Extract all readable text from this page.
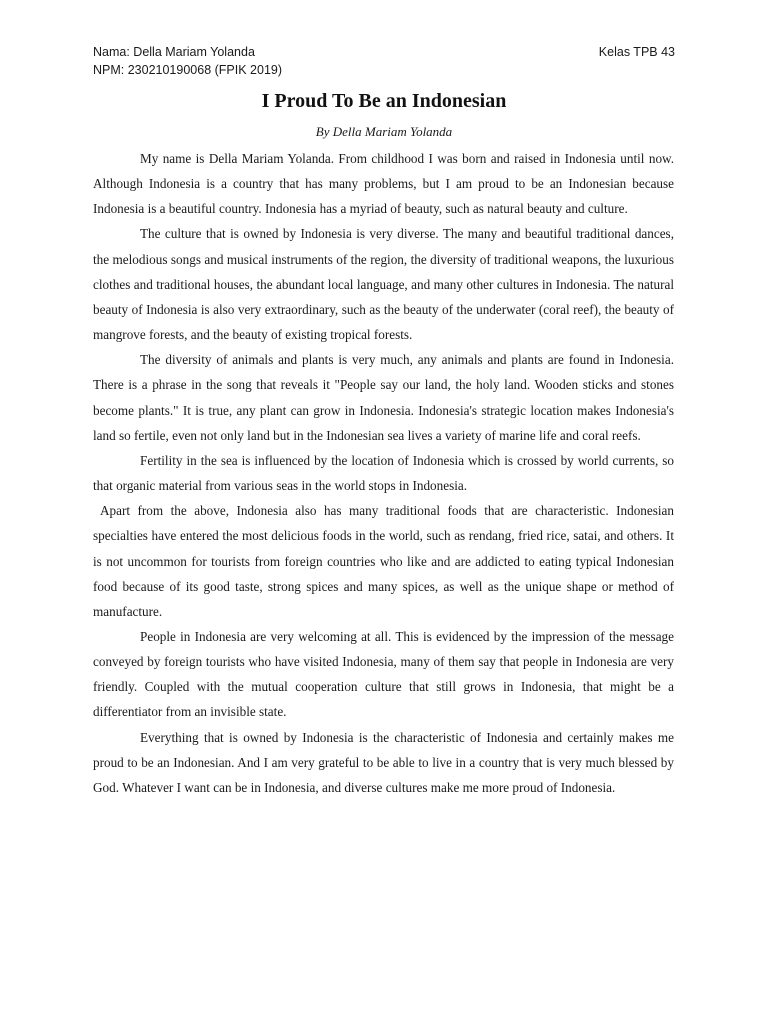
Nama: Della Mariam Yolanda	Kelas TPB 43
NPM: 230210190068 (FPIK 2019)
I Proud To Be an Indonesian
By Della Mariam Yolanda

My name is Della Mariam Yolanda. From childhood I was born and raised in Indonesia until now. Although Indonesia is a country that has many problems, but I am proud to be an Indonesian because Indonesia is a beautiful country. Indonesia has a myriad of beauty, such as natural beauty and culture.

The culture that is owned by Indonesia is very diverse. The many and beautiful traditional dances, the melodious songs and musical instruments of the region, the diversity of traditional weapons, the luxurious clothes and traditional houses, the abundant local language, and many other cultures in Indonesia. The natural beauty of Indonesia is also very extraordinary, such as the beauty of the underwater (coral reef), the beauty of mangrove forests, and the beauty of existing tropical forests.

The diversity of animals and plants is very much, any animals and plants are found in Indonesia. There is a phrase in the song that reveals it "People say our land, the holy land. Wooden sticks and stones become plants." It is true, any plant can grow in Indonesia. Indonesia's strategic location makes Indonesia's land so fertile, even not only land but in the Indonesian sea lives a variety of marine life and coral reefs.

Fertility in the sea is influenced by the location of Indonesia which is crossed by world currents, so that organic material from various seas in the world stops in Indonesia.

Apart from the above, Indonesia also has many traditional foods that are characteristic. Indonesian specialties have entered the most delicious foods in the world, such as rendang, fried rice, satai, and others. It is not uncommon for tourists from foreign countries who like and are addicted to eating typical Indonesian food because of its good taste, strong spices and many spices, as well as the unique shape or method of manufacture.

People in Indonesia are very welcoming at all. This is evidenced by the impression of the message conveyed by foreign tourists who have visited Indonesia, many of them say that people in Indonesia are very friendly. Coupled with the mutual cooperation culture that still grows in Indonesia, that might be a differentiator from an invisible state.

Everything that is owned by Indonesia is the characteristic of Indonesia and certainly makes me proud to be an Indonesian. And I am very grateful to be able to live in a country that is very much blessed by God. Whatever I want can be in Indonesia, and diverse cultures make me more proud of Indonesia.
